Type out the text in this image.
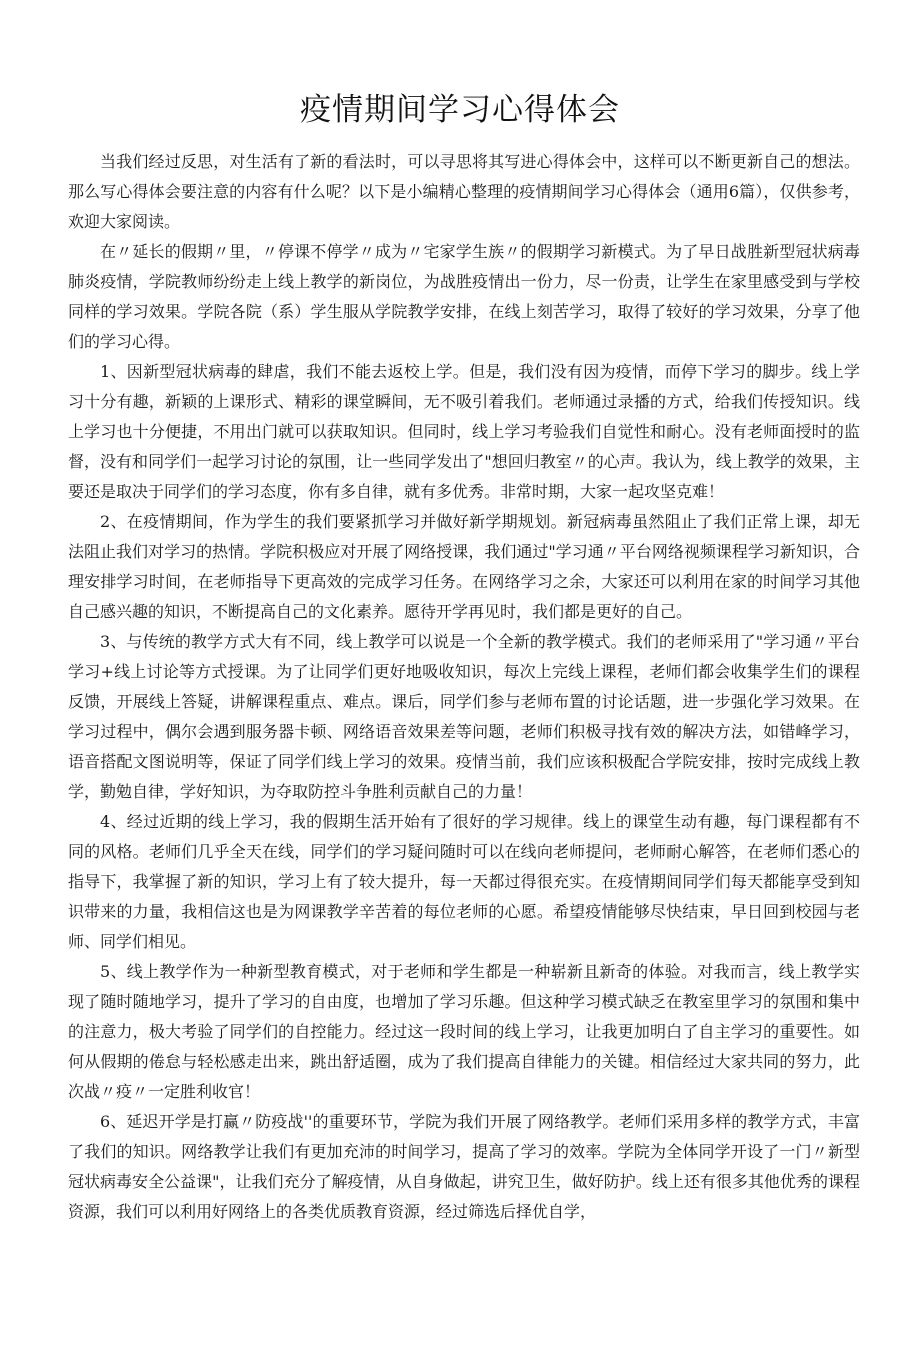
疫情期间学习心得体会

当我们经过反思，对生活有了新的看法时，可以寻思将其写进心得体会中，这样可以不断更新自己的想法。那么写心得体会要注意的内容有什么呢？以下是小编精心整理的疫情期间学习心得体会（通用6篇），仅供参考，欢迎大家阅读。

在〃延长的假期〃里，〃停课不停学〃成为〃宅家学生族〃的假期学习新模式。为了早日战胜新型冠状病毒肺炎疫情，学院教师纷纷走上线上教学的新岗位，为战胜疫情出一份力，尽一份责，让学生在家里感受到与学校同样的学习效果。学院各院（系）学生服从学院教学安排，在线上刻苦学习，取得了较好的学习效果，分享了他们的学习心得。

1、因新型冠状病毒的肆虐，我们不能去返校上学。但是，我们没有因为疫情，而停下学习的脚步。线上学习十分有趣，新颖的上课形式、精彩的课堂瞬间，无不吸引着我们。老师通过录播的方式，给我们传授知识。线上学习也十分便捷，不用出门就可以获取知识。但同时，线上学习考验我们自觉性和耐心。没有老师面授时的监督，没有和同学们一起学习讨论的氛围，让一些同学发出了"想回归教室〃的心声。我认为，线上教学的效果，主要还是取决于同学们的学习态度，你有多自律，就有多优秀。非常时期，大家一起攻坚克难！

2、在疫情期间，作为学生的我们要紧抓学习并做好新学期规划。新冠病毒虽然阻止了我们正常上课，却无法阻止我们对学习的热情。学院积极应对开展了网络授课，我们通过"学习通〃平台网络视频课程学习新知识，合理安排学习时间，在老师指导下更高效的完成学习任务。在网络学习之余，大家还可以利用在家的时间学习其他自己感兴趣的知识，不断提高自己的文化素养。愿待开学再见时，我们都是更好的自己。

3、与传统的教学方式大有不同，线上教学可以说是一个全新的教学模式。我们的老师采用了"学习通〃平台学习+线上讨论等方式授课。为了让同学们更好地吸收知识，每次上完线上课程，老师们都会收集学生们的课程反馈，开展线上答疑，讲解课程重点、难点。课后，同学们参与老师布置的讨论话题，进一步强化学习效果。在学习过程中，偶尔会遇到服务器卡顿、网络语音效果差等问题，老师们积极寻找有效的解决方法，如错峰学习，语音搭配文图说明等，保证了同学们线上学习的效果。疫情当前，我们应该积极配合学院安排，按时完成线上教学，勤勉自律，学好知识，为夺取防控斗争胜利贡献自己的力量！

4、经过近期的线上学习，我的假期生活开始有了很好的学习规律。线上的课堂生动有趣，每门课程都有不同的风格。老师们几乎全天在线，同学们的学习疑问随时可以在线向老师提问，老师耐心解答，在老师们悉心的指导下，我掌握了新的知识，学习上有了较大提升，每一天都过得很充实。在疫情期间同学们每天都能享受到知识带来的力量，我相信这也是为网课教学辛苦着的每位老师的心愿。希望疫情能够尽快结束，早日回到校园与老师、同学们相见。

5、线上教学作为一种新型教育模式，对于老师和学生都是一种崭新且新奇的体验。对我而言，线上教学实现了随时随地学习，提升了学习的自由度，也增加了学习乐趣。但这种学习模式缺乏在教室里学习的氛围和集中的注意力，极大考验了同学们的自控能力。经过这一段时间的线上学习，让我更加明白了自主学习的重要性。如何从假期的倦怠与轻松感走出来，跳出舒适圈，成为了我们提高自律能力的关键。相信经过大家共同的努力，此次战〃疫〃一定胜利收官！

6、延迟开学是打赢〃防疫战''的重要环节，学院为我们开展了网络教学。老师们采用多样的教学方式，丰富了我们的知识。网络教学让我们有更加充沛的时间学习，提高了学习的效率。学院为全体同学开设了一门〃新型冠状病毒安全公益课"，让我们充分了解疫情，从自身做起，讲究卫生，做好防护。线上还有很多其他优秀的课程资源，我们可以利用好网络上的各类优质教育资源，经过筛选后择优自学，
